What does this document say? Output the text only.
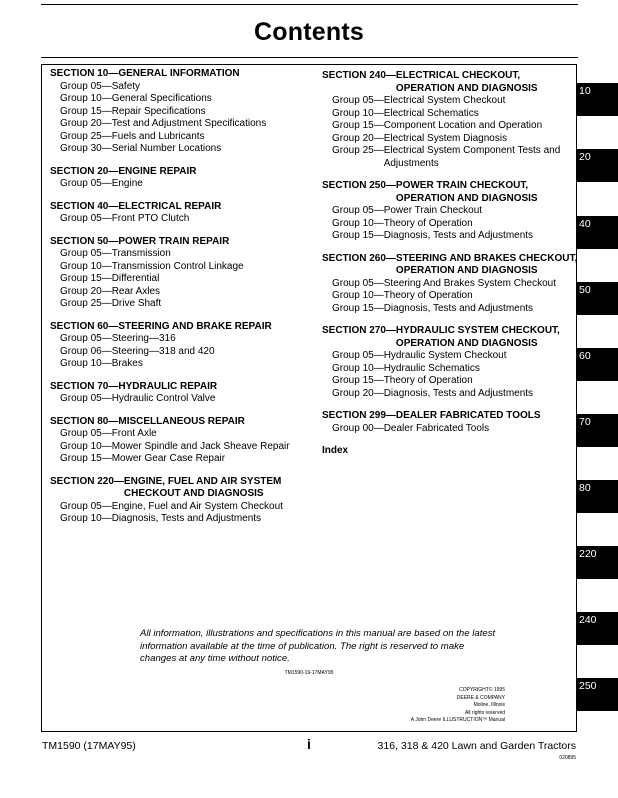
Contents
SECTION 10— GENERAL INFORMATION
Group 05— Safety
Group 10— General Specifications
Group 15— Repair Specifications
Group 20— Test and Adjustment Specifications
Group 25— Fuels and Lubricants
Group 30— Serial Number Locations
SECTION 20— ENGINE REPAIR
Group 05— Engine
SECTION 40— ELECTRICAL REPAIR
Group 05— Front PTO Clutch
SECTION 50— POWER TRAIN REPAIR
Group 05— Transmission
Group 10— Transmission Control Linkage
Group 15— Differential
Group 20— Rear Axles
Group 25— Drive Shaft
SECTION 60— STEERING AND BRAKE REPAIR
Group 05— Steering—316
Group 06— Steering—318 and 420
Group 10— Brakes
SECTION 70— HYDRAULIC REPAIR
Group 05— Hydraulic Control Valve
SECTION 80— MISCELLANEOUS REPAIR
Group 05— Front Axle
Group 10— Mower Spindle and Jack Sheave Repair
Group 15— Mower Gear Case Repair
SECTION 220— ENGINE, FUEL AND AIR SYSTEM CHECKOUT AND DIAGNOSIS
Group 05— Engine, Fuel and Air System Checkout
Group 10— Diagnosis, Tests and Adjustments
SECTION 240— ELECTRICAL CHECKOUT, OPERATION AND DIAGNOSIS
Group 05— Electrical System Checkout
Group 10— Electrical Schematics
Group 15— Component Location and Operation
Group 20— Electrical System Diagnosis
Group 25— Electrical System Component Tests and Adjustments
SECTION 250— POWER TRAIN CHECKOUT, OPERATION AND DIAGNOSIS
Group 05— Power Train Checkout
Group 10— Theory of Operation
Group 15— Diagnosis, Tests and Adjustments
SECTION 260— STEERING AND BRAKES CHECKOUT, OPERATION AND DIAGNOSIS
Group 05— Steering And Brakes System Checkout
Group 10— Theory of Operation
Group 15— Diagnosis, Tests and Adjustments
SECTION 270— HYDRAULIC SYSTEM CHECKOUT, OPERATION AND DIAGNOSIS
Group 05— Hydraulic System Checkout
Group 10— Hydraulic Schematics
Group 15— Theory of Operation
Group 20— Diagnosis, Tests and Adjustments
SECTION 299— DEALER FABRICATED TOOLS
Group 00— Dealer Fabricated Tools
Index
All information, illustrations and specifications in this manual are based on the latest information available at the time of publication. The right is reserved to make changes at any time without notice.
TM1590-19-17MAY95
COPYRIGHT© 1995
DEERE & COMPANY
Moline, Illinois
All rights reserved
A John Deere ILLUSTRUCTION™ Manual
TM1590 (17MAY95)	i	316, 318 & 420 Lawn and Garden Tractors
020895
10
20
40
50
60
70
80
220
240
250
